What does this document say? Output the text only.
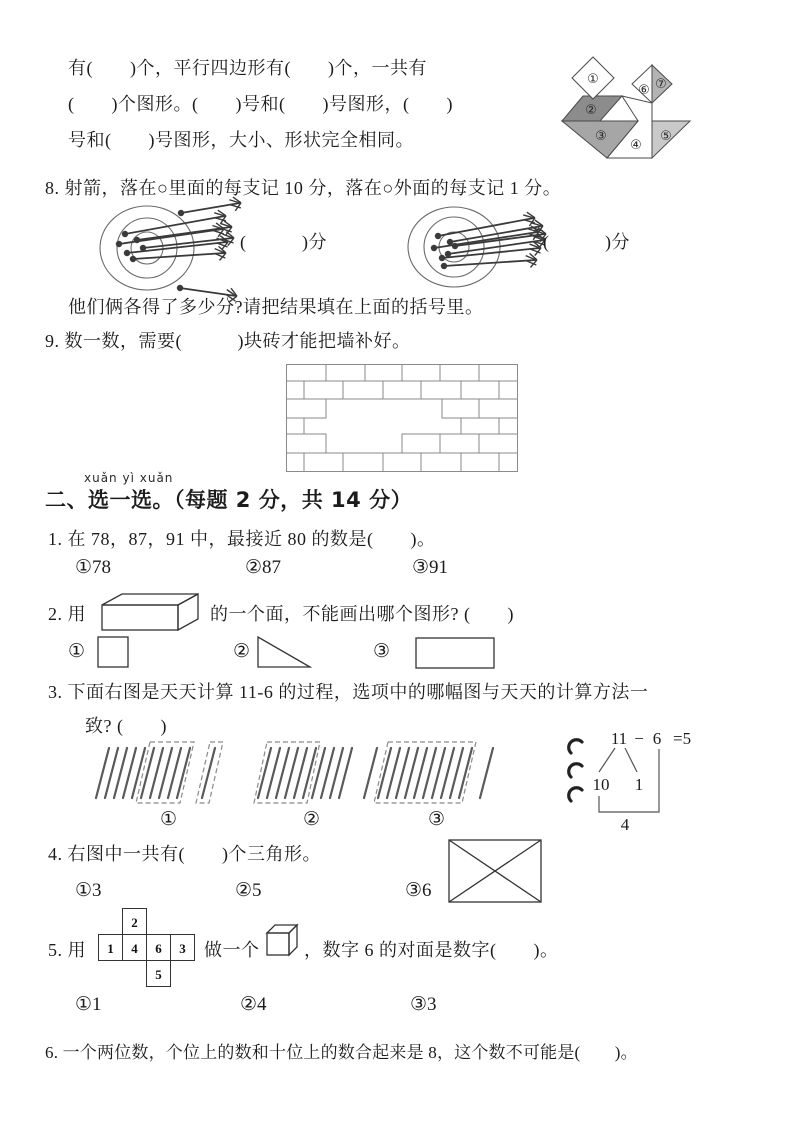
有(　　)个，平行四边形有(　　)个，一共有
(　　)个图形。(　　)号和(　　)号图形，(　　)
号和(　　)号图形，大小、形状完全相同。
①
②
③
④
⑤
⑥ ⑦
8. 射箭，落在○里面的每支记 10 分，落在○外面的每支记 1 分。
(　　　)分	(　　　)分
他们俩各得了多少分?请把结果填在上面的括号里。
9. 数一数，需要(　　　)块砖才能把墙补好。
xuǎn yì xuǎn
二、选一选。（每题 2 分，共 14 分）
1. 在 78，87，91 中，最接近 80 的数是(　　)。
①78	②87	③91
2. 用	的一个面，不能画出哪个图形? (　　)
①	②	③
3. 下面右图是天天计算 11-6 的过程，选项中的哪幅图与天天的计算方法一
致? (　　)
①	②	③
11 − 6 =5
10 1
4
4. 右图中一共有(　　)个三角形。
①3	②5	③6
5. 用
2
1 4 6 3
5
做一个 ，数字 6 的对面是数字(　　)。
①1	②4	③3
6. 一个两位数，个位上的数和十位上的数合起来是 8，这个数不可能是(　　)。
